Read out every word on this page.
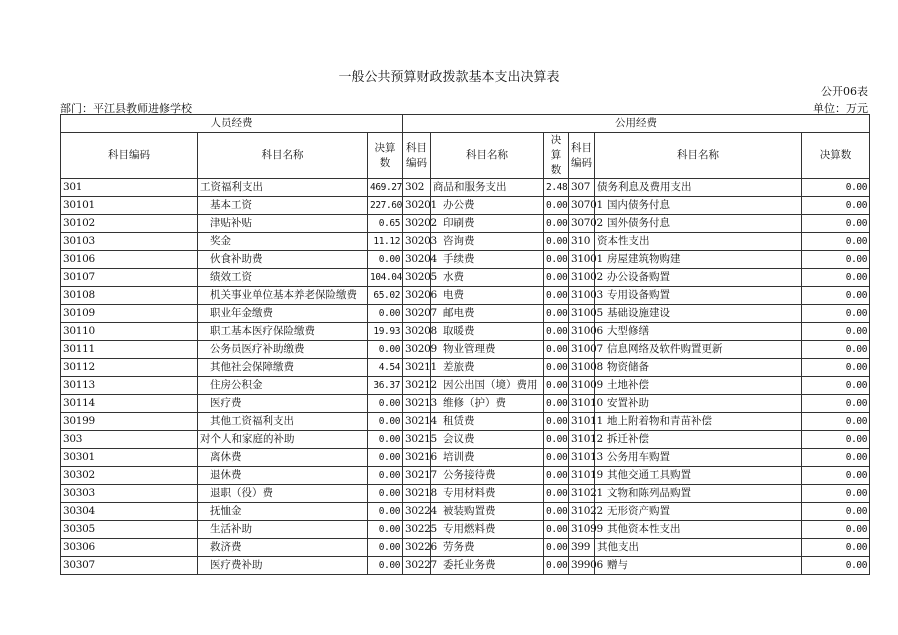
一般公共预算财政拨款基本支出决算表
公开06表
部门：平江县教师进修学校	单位：万元
人员经费			公用经费					
科目编码	科目名称	决算数	科目编码	科目名称	决算数	科目编码	科目名称	决算数
301	工资福利支出	469.27	302	商品和服务支出	2.48	307	债务利息及费用支出	0.00
30101	基本工资	227.60	30201	办公费	0.00	30701	国内债务付息	0.00
30102	津贴补贴	0.65	30202	印刷费	0.00	30702	国外债务付息	0.00
30103	奖金	11.12	30203	咨询费	0.00	310	资本性支出	0.00
30106	伙食补助费	0.00	30204	手续费	0.00	31001	房屋建筑物购建	0.00
30107	绩效工资	104.04	30205	水费	0.00	31002	办公设备购置	0.00
30108	机关事业单位基本养老保险缴费	65.02	30206	电费	0.00	31003	专用设备购置	0.00
30109	职业年金缴费	0.00	30207	邮电费	0.00	31005	基础设施建设	0.00
30110	职工基本医疗保险缴费	19.93	30208	取暖费	0.00	31006	大型修缮	0.00
30111	公务员医疗补助缴费	0.00	30209	物业管理费	0.00	31007	信息网络及软件购置更新	0.00
30112	其他社会保障缴费	4.54	30211	差旅费	0.00	31008	物资储备	0.00
30113	住房公积金	36.37	30212	因公出国（境）费用	0.00	31009	土地补偿	0.00
30114	医疗费	0.00	30213	维修（护）费	0.00	31010	安置补助	0.00
30199	其他工资福利支出	0.00	30214	租赁费	0.00	31011	地上附着物和青苗补偿	0.00
303	对个人和家庭的补助	0.00	30215	会议费	0.00	31012	拆迁补偿	0.00
30301	离休费	0.00	30216	培训费	0.00	31013	公务用车购置	0.00
30302	退休费	0.00	30217	公务接待费	0.00	31019	其他交通工具购置	0.00
30303	退职（役）费	0.00	30218	专用材料费	0.00	31021	文物和陈列品购置	0.00
30304	抚恤金	0.00	30224	被装购置费	0.00	31022	无形资产购置	0.00
30305	生活补助	0.00	30225	专用燃料费	0.00	31099	其他资本性支出	0.00
30306	救济费	0.00	30226	劳务费	0.00	399	其他支出	0.00
30307	医疗费补助	0.00	30227	委托业务费	0.00	39906	赠与	0.00
